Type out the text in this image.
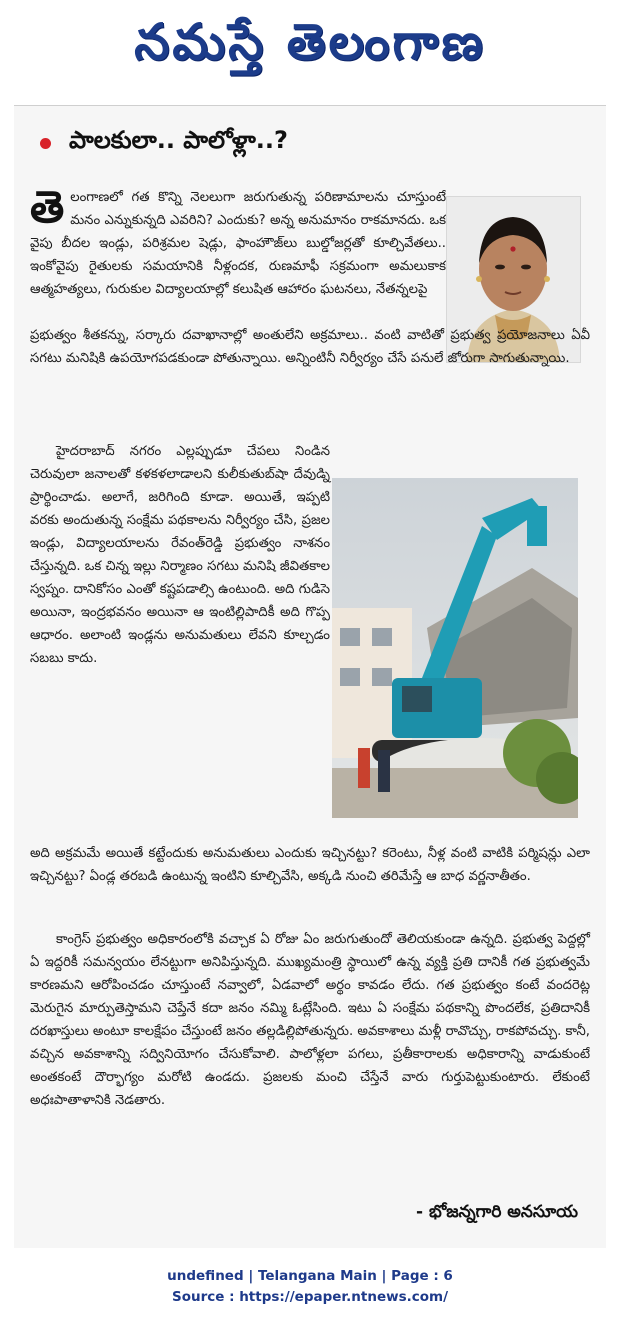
నమస్తే తెలంగాణ
పాలకులా.. పాలోళ్లా..?
తెలంగాణలో గత కొన్ని నెలలుగా జరుగుతున్న పరిణామాలను చూస్తుంటే మనం ఎన్నుకున్నది ఎవరిని? ఎందుకు? అన్న అనుమానం రాకమానదు. ఒక వైపు బీదల ఇండ్లు, పరిశ్రమల షెడ్లు, ఫాంహౌజ్‌లు బుల్డోజర్లతో కూల్చివేతలు.. ఇంకోవైపు రైతులకు సమయానికి నీళ్లందక, రుణమాఫీ సక్రమంగా అమలుకాక ఆత్మహత్యలు, గురుకుల విద్యాలయాల్లో కలుషిత ఆహారం ఘటనలు, నేతన్నలపై
ప్రభుత్వం శీతకన్ను, సర్కారు దవాఖానాల్లో అంతులేని అక్రమాలు.. వంటి వాటితో ప్రభుత్వ ప్రయోజనాలు ఏవీ సగటు మనిషికి ఉపయోగపడకుండా పోతున్నాయి. అన్నింటినీ నిర్వీర్యం చేసే పనులే జోరుగా సాగుతున్నాయి.
హైదరాబాద్ నగరం ఎల్లప్పుడూ చేపలు నిండిన చెరువులా జనాలతో కళకళలాడాలని కులీకుతుబ్‌షా దేవుడ్ని ప్రార్థించాడు. అలాగే, జరిగింది కూడా. అయితే, ఇప్పటి వరకు అందుతున్న సంక్షేమ పథకాలను నిర్వీర్యం చేసి, ప్రజల ఇండ్లు, విద్యాలయాలను రేవంత్‌రెడ్డి ప్రభుత్వం నాశనం చేస్తున్నది. ఒక చిన్న ఇల్లు నిర్మాణం సగటు మనిషి జీవితకాల స్వప్నం. దానికోసం ఎంతో కష్టపడాల్సి ఉంటుంది. అది గుడిసె అయినా, ఇంద్రభవనం అయినా ఆ ఇంటిల్లిపాదికీ అది గొప్ప ఆధారం. అలాంటి ఇండ్లను అనుమతులు లేవని కూల్చడం సబబు కాదు.
అది అక్రమమే అయితే కట్టేందుకు అనుమతులు ఎందుకు ఇచ్చినట్టు? కరెంటు, నీళ్ల వంటి వాటికి పర్మిషన్లు ఎలా ఇచ్చినట్టు? ఏండ్ల తరబడి ఉంటున్న ఇంటిని కూల్చివేసి, అక్కడి నుంచి తరిమేస్తే ఆ బాధ వర్ణనాతీతం.
కాంగ్రెస్ ప్రభుత్వం అధికారంలోకి వచ్చాక ఏ రోజు ఏం జరుగుతుందో తెలియకుండా ఉన్నది. ప్రభుత్వ పెద్దల్లో ఏ ఇద్దరికీ సమన్వయం లేనట్టుగా అనిపిస్తున్నది. ముఖ్యమంత్రి స్థాయిలో ఉన్న వ్యక్తి ప్రతి దానికీ గత ప్రభుత్వమే కారణమని ఆరోపించడం చూస్తుంటే నవ్వాలో, ఏడవాలో అర్థం కావడం లేదు. గత ప్రభుత్వం కంటే వందరెట్ల మెరుగైన మార్పుతెస్తామని చెప్తేనే కదా జనం నమ్మి ఓట్లేసింది. ఇటు ఏ సంక్షేమ పథకాన్ని పొందలేక, ప్రతిదానికీ దరఖాస్తులు అంటూ కాలక్షేపం చేస్తుంటే జనం తల్లడిల్లిపోతున్నరు. అవకాశాలు మళ్లీ రావొచ్చు, రాకపోవచ్చు. కానీ, వచ్చిన అవకాశాన్ని సద్వినియోగం చేసుకోవాలి. పాలోళ్లలా పగలు, ప్రతీకారాలకు అధికారాన్ని వాడుకుంటే అంతకంటే దౌర్భాగ్యం మరోటి ఉండదు. ప్రజలకు మంచి చేస్తేనే వారు గుర్తుపెట్టుకుంటారు. లేకుంటే అధఃపాతాళానికి నెడతారు.
- భోజన్నగారి అనసూయ
undefined | Telangana Main | Page : 6
Source : https://epaper.ntnews.com/
